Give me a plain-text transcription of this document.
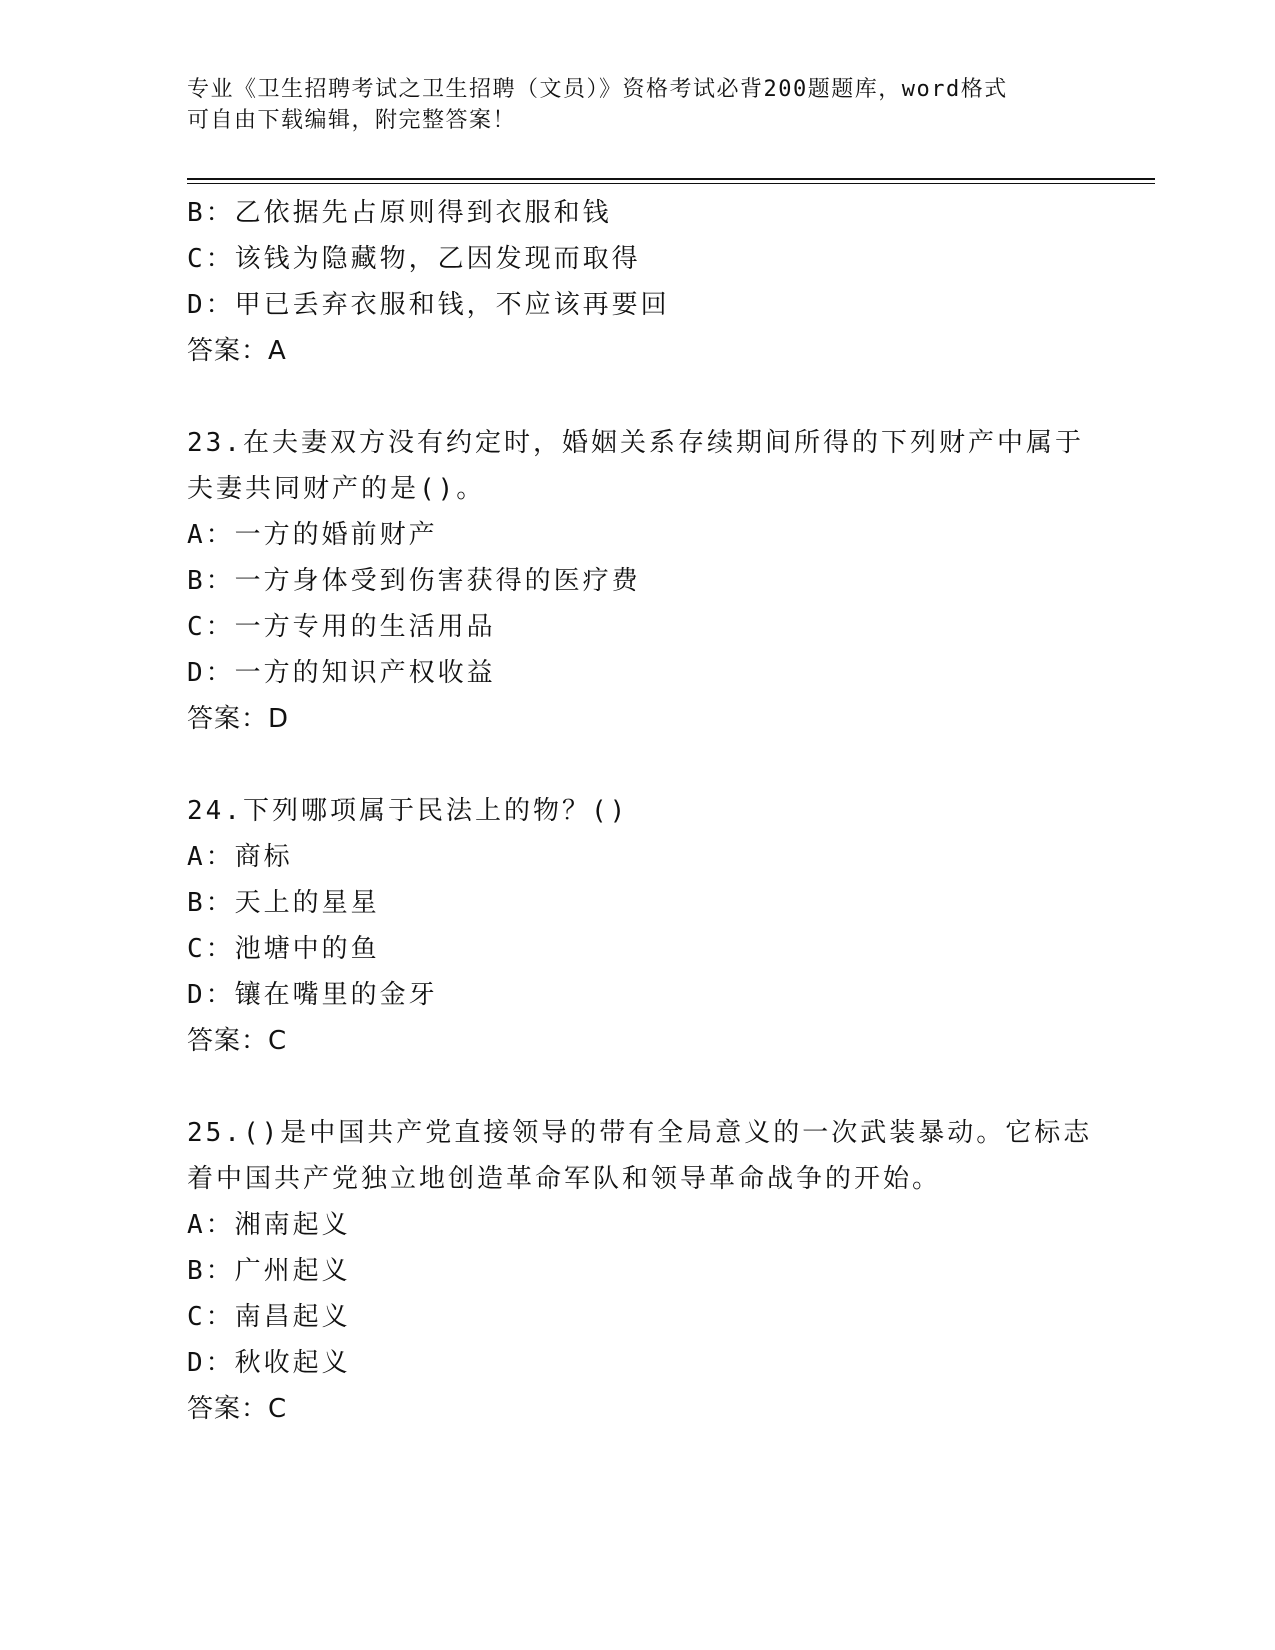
专业《卫生招聘考试之卫生招聘（文员）》资格考试必背200题题库，word格式
可自由下载编辑，附完整答案！
B：乙依据先占原则得到衣服和钱
C：该钱为隐藏物，乙因发现而取得
D：甲已丢弃衣服和钱，不应该再要回
答案：A
23.在夫妻双方没有约定时，婚姻关系存续期间所得的下列财产中属于
夫妻共同财产的是()。
A：一方的婚前财产
B：一方身体受到伤害获得的医疗费
C：一方专用的生活用品
D：一方的知识产权收益
答案：D
24.下列哪项属于民法上的物？()
A：商标
B：天上的星星
C：池塘中的鱼
D：镶在嘴里的金牙
答案：C
25.()是中国共产党直接领导的带有全局意义的一次武装暴动。它标志
着中国共产党独立地创造革命军队和领导革命战争的开始。
A：湘南起义
B：广州起义
C：南昌起义
D：秋收起义
答案：C
